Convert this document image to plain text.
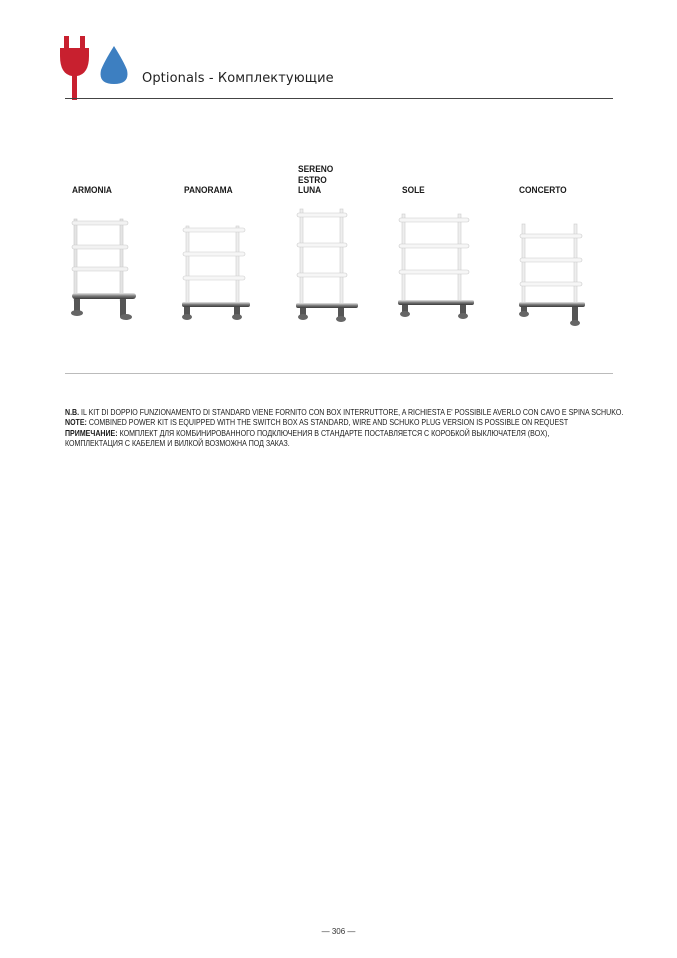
Optionals - Комплектующие
ARMONIA	PANORAMA
SERENO
ESTRO
LUNA	SOLE	CONCERTO

N.B. IL KIT DI DOPPIO FUNZIONAMENTO DI STANDARD VIENE FORNITO CON BOX INTERRUTTORE, A RICHIESTA E' POSSIBILE AVERLO CON CAVO E SPINA SCHUKO.

NOTE: COMBINED POWER KIT IS EQUIPPED WITH THE SWITCH BOX AS STANDARD, WIRE AND SCHUKO PLUG VERSION IS POSSIBLE ON REQUEST

ПРИМЕЧАНИЕ: КОМПЛЕКТ ДЛЯ КОМБИНИРОВАННОГО ПОДКЛЮЧЕНИЯ В СТАНДАРТЕ ПОСТАВЛЯЕТСЯ С КОРОБКОЙ ВЫКЛЮЧАТЕЛЯ (BOX),

КОМПЛЕКТАЦИЯ С КАБЕЛЕМ И ВИЛКОЙ ВОЗМОЖНА ПОД ЗАКАЗ.

— 306 —
